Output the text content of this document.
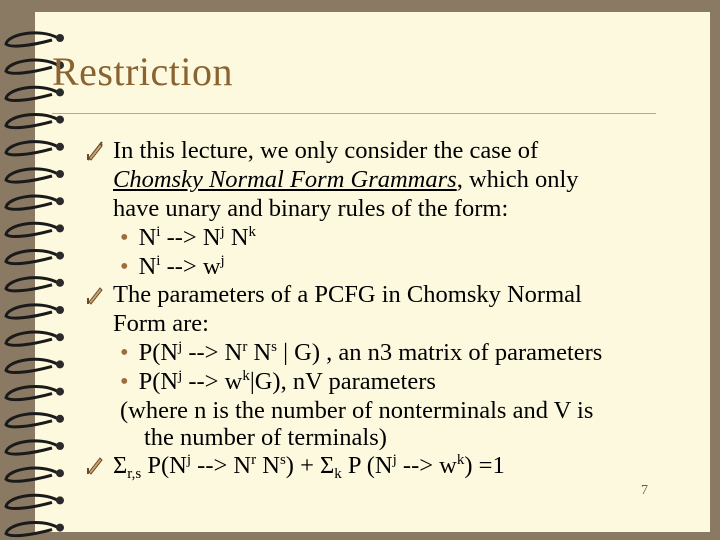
Restriction
In this lecture, we only consider the case of
Chomsky Normal Form Grammars, which only
have unary and binary rules of the form:
• $N^i$ --> $N^j$ $N^k$
• $N^i$ --> $w^j$
The parameters of a PCFG in Chomsky Normal
Form are:
• $P(N^j$ --> $N^r$ $N^s$ | G) , an n3 matrix of parameters
• $P(N^j$ --> $w^k|G$), nV parameters
(where n is the number of nonterminals and V is
the number of terminals)
$\Sigma_{r,s}$ $P(N^j$ --> $N^r$ $N^s) + \Sigma_k$ P ($N^j$ --> $w^k) =1$
7
